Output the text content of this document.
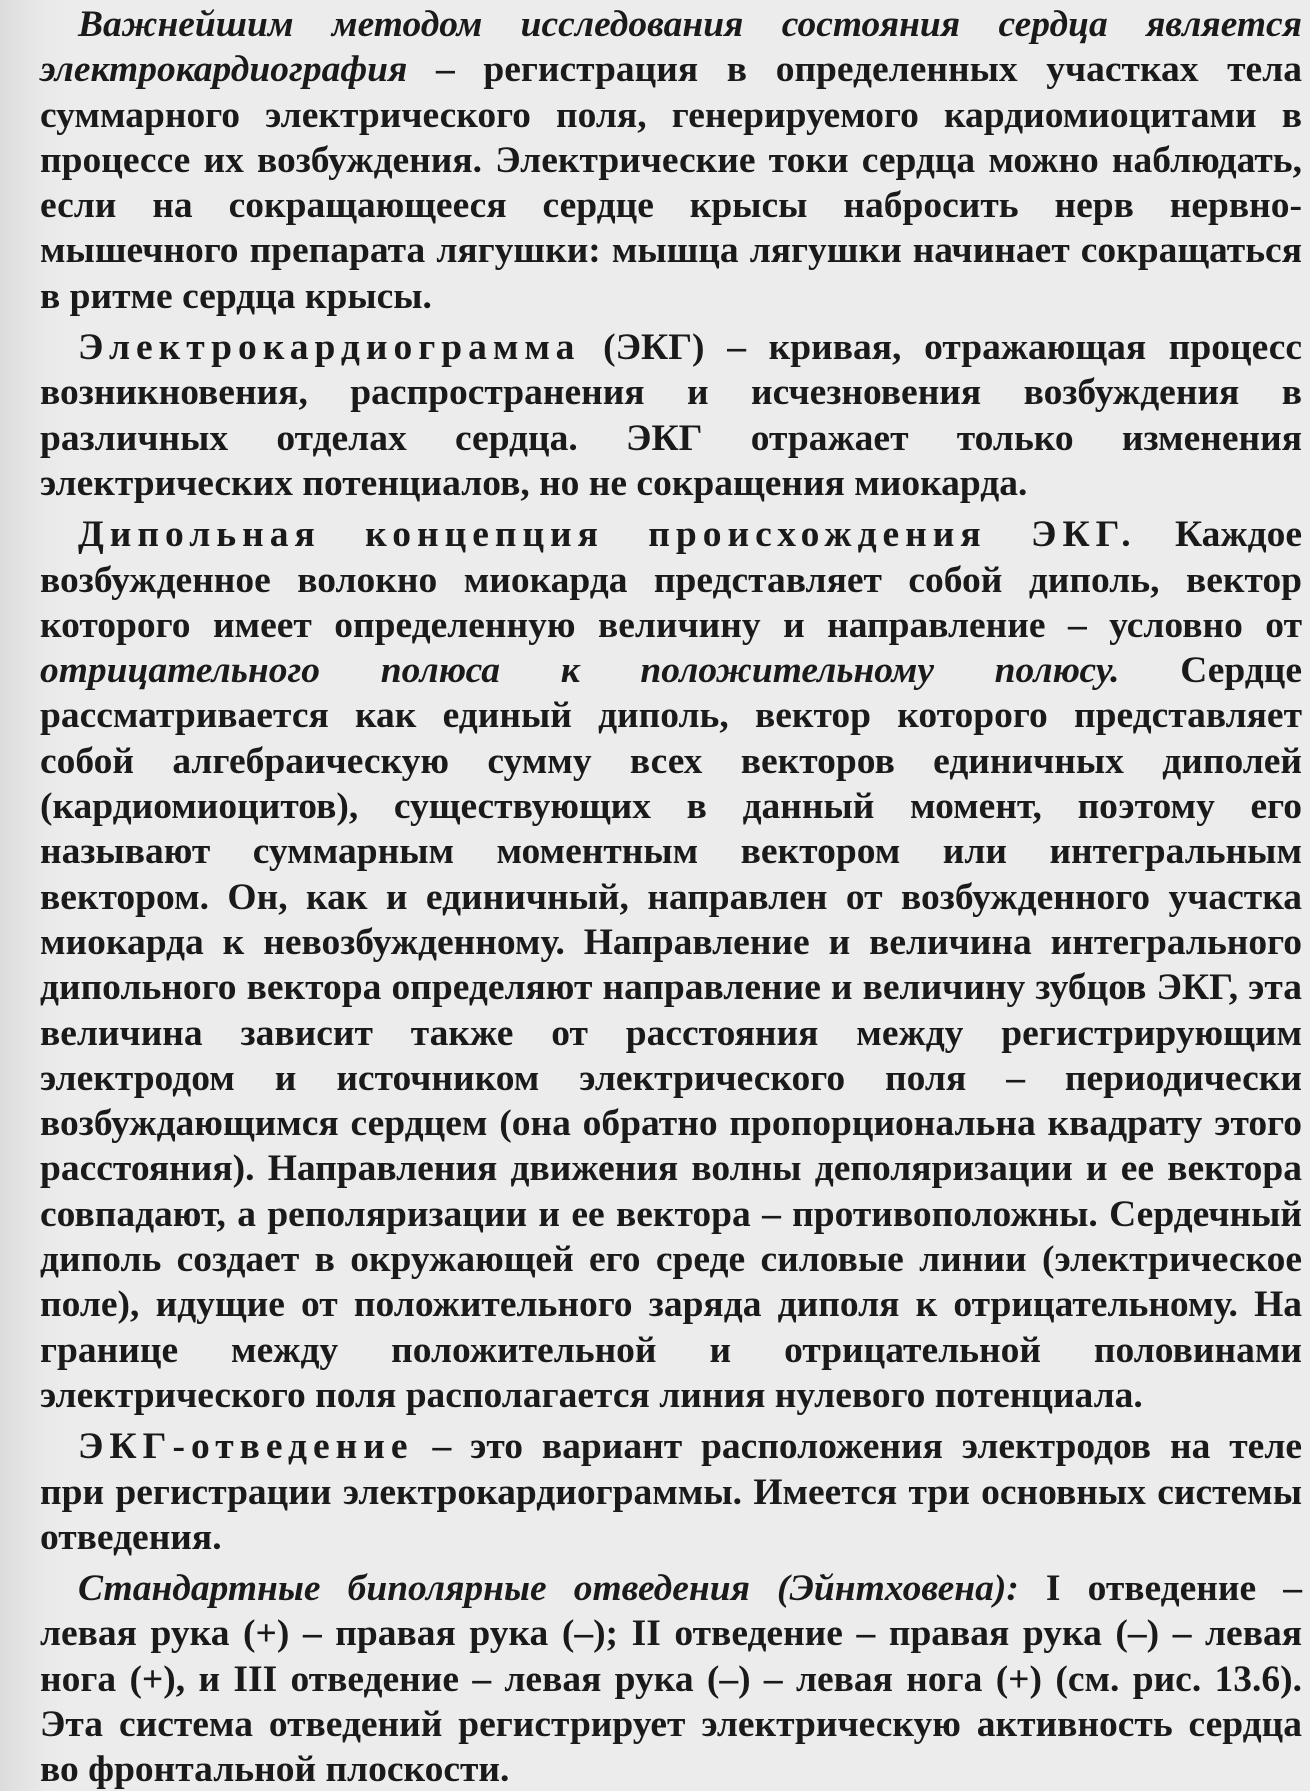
Важнейшим методом исследования состояния сердца является электрокардиография – регистрация в определенных участках тела суммарного электрического поля, генерируемого кардиомиоцитами в процессе их возбуждения. Электрические токи сердца можно наблюдать, если на сокращающееся сердце крысы набросить нерв нервно-мышечного препарата лягушки: мышца лягушки начинает сокращаться в ритме сердца крысы.

Электрокардиограмма (ЭКГ) – кривая, отражающая процесс возникновения, распространения и исчезновения возбуждения в различных отделах сердца. ЭКГ отражает только изменения электрических потенциалов, но не сокращения миокарда.

Дипольная концепция происхождения ЭКГ. Каждое возбужденное волокно миокарда представляет собой диполь, вектор которого имеет определенную величину и направление – условно от отрицательного полюса к положительному полюсу. Сердце рассматривается как единый диполь, вектор которого представляет собой алгебраическую сумму всех векторов единичных диполей (кардиомиоцитов), существующих в данный момент, поэтому его называют суммарным моментным вектором или интегральным вектором. Он, как и единичный, направлен от возбужденного участка миокарда к невозбужденному. Направление и величина интегрального дипольного вектора определяют направление и величину зубцов ЭКГ, эта величина зависит также от расстояния между регистрирующим электродом и источником электрического поля – периодически возбуждающимся сердцем (она обратно пропорциональна квадрату этого расстояния). Направления движения волны деполяризации и ее вектора совпадают, а реполяризации и ее вектора – противоположны. Сердечный диполь создает в окружающей его среде силовые линии (электрическое поле), идущие от положительного заряда диполя к отрицательному. На границе между положительной и отрицательной половинами электрического поля располагается линия нулевого потенциала.

ЭКГ-отведение – это вариант расположения электродов на теле при регистрации электрокардиограммы. Имеется три основных системы отведения.

Стандартные биполярные отведения (Эйнтховена): I отведение – левая рука (+) – правая рука (–); II отведение – правая рука (–) – левая нога (+), и III отведение – левая рука (–) – левая нога (+) (см. рис. 13.6). Эта система отведений регистрирует электрическую активность сердца во фронтальной плоскости.
